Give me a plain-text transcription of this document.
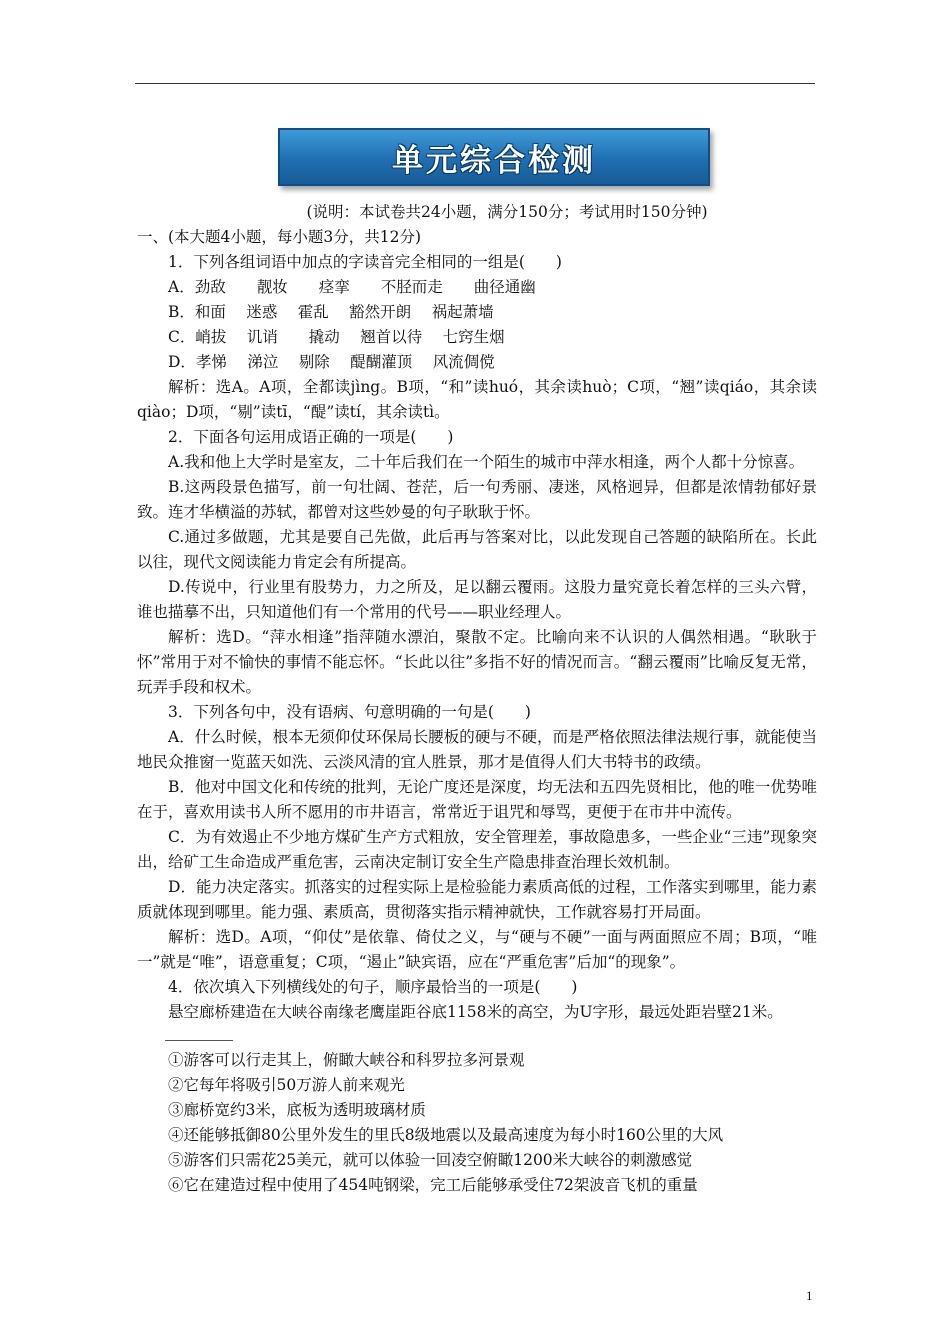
单元综合检测

(说明：本试卷共24小题，满分150分；考试用时150分钟)

一、(本大题4小题，每小题3分，共12分)

1．下列各组词语中加点的字读音完全相同的一组是(　　)

A．劲敌　　靓妆　　痉挛　　不胫而走　　曲径通幽

B．和面　 迷惑　 霍乱　 豁然开朗　 祸起萧墙

C．峭拔　 讥诮　　撬动　 翘首以待　 七窍生烟

D．孝悌　 涕泣　 剔除　 醍醐灌顶　 风流倜傥

解析：选A。A项，全都读jìng。B项，“和”读huó，其余读huò；C项，“翘”读qiáo，其余读qiào；D项，“剔”读tī，“醍”读tí，其余读tì。

2．下面各句运用成语正确的一项是(　　)

A.我和他上大学时是室友，二十年后我们在一个陌生的城市中萍水相逢，两个人都十分惊喜。

B.这两段景色描写，前一句壮阔、苍茫，后一句秀丽、凄迷，风格迥异，但都是浓情勃郁好景致。连才华横溢的苏轼，都曾对这些妙曼的句子耿耿于怀。

C.通过多做题，尤其是要自己先做，此后再与答案对比，以此发现自己答题的缺陷所在。长此以往，现代文阅读能力肯定会有所提高。

D.传说中，行业里有股势力，力之所及，足以翻云覆雨。这股力量究竟长着怎样的三头六臂，谁也描摹不出，只知道他们有一个常用的代号——职业经理人。

解析：选D。“萍水相逢”指萍随水漂泊，聚散不定。比喻向来不认识的人偶然相遇。“耿耿于怀”常用于对不愉快的事情不能忘怀。“长此以往”多指不好的情况而言。“翻云覆雨”比喻反复无常，玩弄手段和权术。

3．下列各句中，没有语病、句意明确的一句是(　　)

A．什么时候，根本无须仰仗环保局长腰板的硬与不硬，而是严格依照法律法规行事，就能使当地民众推窗一览蓝天如洗、云淡风清的宜人胜景，那才是值得人们大书特书的政绩。

B．他对中国文化和传统的批判，无论广度还是深度，均无法和五四先贤相比，他的唯一优势唯在于，喜欢用读书人所不愿用的市井语言，常常近于诅咒和辱骂，更便于在市井中流传。

C．为有效遏止不少地方煤矿生产方式粗放，安全管理差，事故隐患多，一些企业“三违”现象突出，给矿工生命造成严重危害，云南决定制订安全生产隐患排查治理长效机制。

D．能力决定落实。抓落实的过程实际上是检验能力素质高低的过程，工作落实到哪里，能力素质就体现到哪里。能力强、素质高，贯彻落实指示精神就快，工作就容易打开局面。

解析：选D。A项，“仰仗”是依靠、倚仗之义，与“硬与不硬”一面与两面照应不周；B项，“唯一”就是“唯”，语意重复；C项，“遏止”缺宾语，应在“严重危害”后加“的现象”。

4．依次填入下列横线处的句子，顺序最恰当的一项是(　　)

悬空廊桥建造在大峡谷南缘老鹰崖距谷底1158米的高空，为U字形，最远处距岩壁21米。

①游客可以行走其上，俯瞰大峡谷和科罗拉多河景观

②它每年将吸引50万游人前来观光

③廊桥宽约3米，底板为透明玻璃材质

④还能够抵御80公里外发生的里氏8级地震以及最高速度为每小时160公里的大风

⑤游客们只需花25美元，就可以体验一回凌空俯瞰1200米大峡谷的刺激感觉

⑥它在建造过程中使用了454吨钢梁，完工后能够承受住72架波音飞机的重量

1
